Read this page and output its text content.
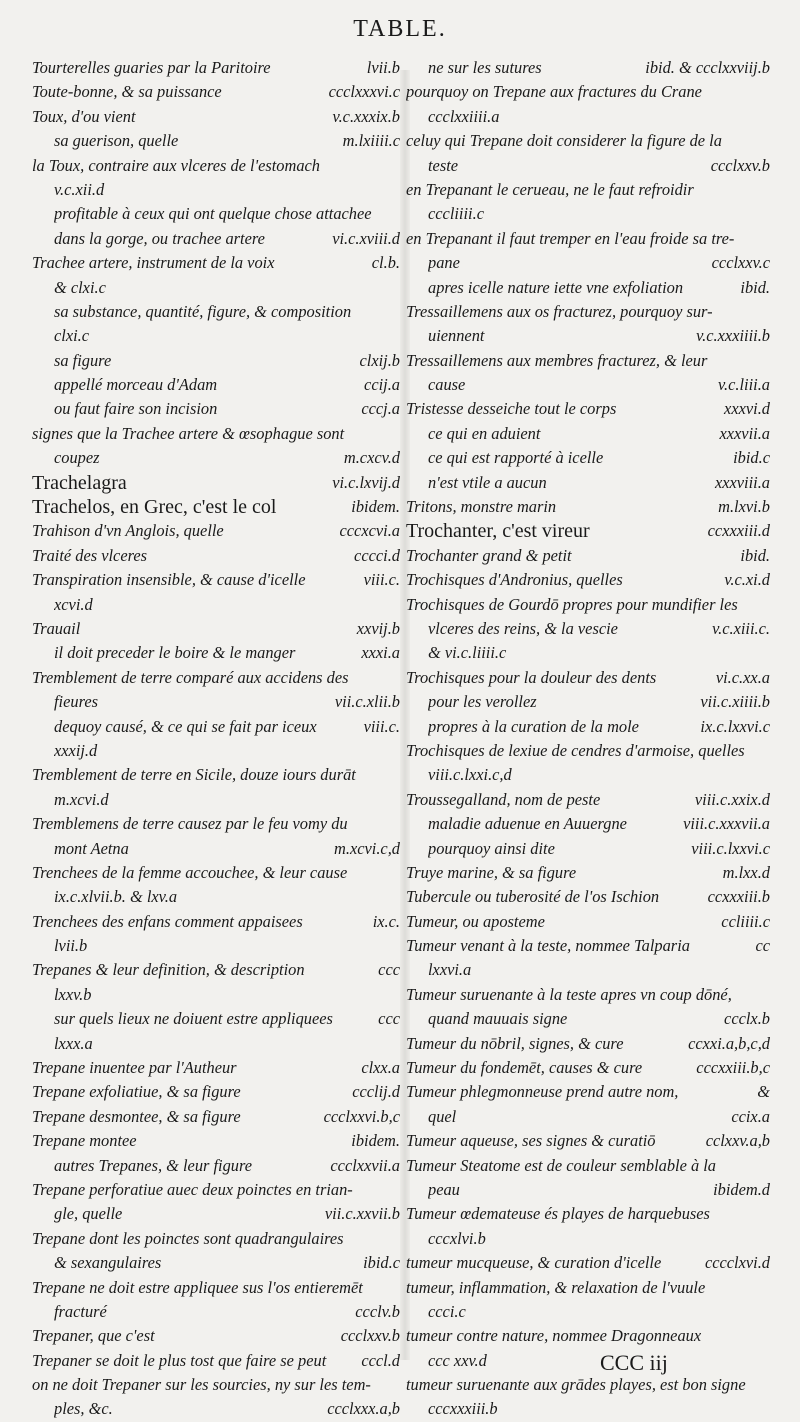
TABLE.
Tourterelles guaries par la Paritoire	lvii.b
Toute-bonne, & sa puissance	ccclxxxvi.c
Toux, d'ou vient	v.c.xxxix.b
sa guerison, quelle	m.lxiiii.c
la Toux, contraire aux vlceres de l'estomach
v.c.xii.d
profitable à ceux qui ont quelque chose attachee
dans la gorge, ou trachee artere	vi.c.xviii.d
Trachee artere, instrument de la voix	cl.b.
& clxi.c
sa substance, quantité, figure, & composition
clxi.c
sa figure	clxij.b
appellé morceau d'Adam	ccij.a
ou faut faire son incision	cccj.a
signes que la Trachee artere & œsophague sont
coupez	m.cxcv.d
Trachelagra	vi.c.lxvij.d
Trachelos, en Grec, c'est le col	ibidem.
Trahison d'vn Anglois, quelle	cccxcvi.a
Traité des vlceres	cccci.d
Transpiration insensible, & cause d'icelle	viii.c.
xcvi.d
Trauail	xxvij.b
il doit preceder le boire & le manger	xxxi.a
Tremblement de terre comparé aux accidens des
fieures	vii.c.xlii.b
dequoy causé, & ce qui se fait par iceux	viii.c.
xxxij.d
Tremblement de terre en Sicile, douze iours durāt
m.xcvi.d
Tremblemens de terre causez par le feu vomy du
mont Aetna	m.xcvi.c,d
Trenchees de la femme accouchee, & leur cause
ix.c.xlvii.b. & lxv.a
Trenchees des enfans comment appaisees	ix.c.
lvii.b
Trepanes & leur definition, & description	ccc
lxxv.b
sur quels lieux ne doiuent estre appliquees	ccc
lxxx.a
Trepane inuentee par l'Autheur	clxx.a
Trepane exfoliatiue, & sa figure	ccclij.d
Trepane desmontee, & sa figure	ccclxxvi.b,c
Trepane montee	ibidem.
autres Trepanes, & leur figure	ccclxxvii.a
Trepane perforatiue auec deux poinctes en trian-
gle, quelle	vii.c.xxvii.b
Trepane dont les poinctes sont quadrangulaires
& sexangulaires	ibid.c
Trepane ne doit estre appliquee sus l'os entieremēt
fracturé	ccclv.b
Trepaner, que c'est	ccclxxv.b
Trepaner se doit le plus tost que faire se peut	cccl.d
on ne doit Trepaner sur les sourcies, ny sur les tem-
ples, &c.	ccclxxx.a,b
ne sur les sutures	ibid. & ccclxxviij.b
pourquoy on Trepane aux fractures du Crane
ccclxxiiii.a
celuy qui Trepane doit considerer la figure de la
teste	ccclxxv.b
en Trepanant le cerueau, ne le faut refroidir
cccliiii.c
en Trepanant il faut tremper en l'eau froide sa tre-
pane	ccclxxv.c
apres icelle nature iette vne exfoliation	ibid.
Tressaillemens aux os fracturez, pourquoy sur-
uiennent	v.c.xxxiiii.b
Tressaillemens aux membres fracturez, & leur
cause	v.c.liii.a
Tristesse desseiche tout le corps	xxxvi.d
ce qui en aduient	xxxvii.a
ce qui est rapporté à icelle	ibid.c
n'est vtile a aucun	xxxviii.a
Tritons, monstre marin	m.lxvi.b
Trochanter, c'est vireur	ccxxxiii.d
Trochanter grand & petit	ibid.
Trochisques d'Andronius, quelles	v.c.xi.d
Trochisques de Gourdō propres pour mundifier les
vlceres des reins, & la vescie	v.c.xiii.c.
& vi.c.liiii.c
Trochisques pour la douleur des dents	vi.c.xx.a
pour les verollez	vii.c.xiiii.b
propres à la curation de la mole	ix.c.lxxvi.c
Trochisques de lexiue de cendres d'armoise, quelles
viii.c.lxxi.c,d
Troussegalland, nom de peste	viii.c.xxix.d
maladie aduenue en Auuergne	viii.c.xxxvii.a
pourquoy ainsi dite	viii.c.lxxvi.c
Truye marine, & sa figure	m.lxx.d
Tubercule ou tuberosité de l'os Ischion	ccxxxiii.b
Tumeur, ou aposteme	ccliiii.c
Tumeur venant à la teste, nommee Talparia	cc
lxxvi.a
Tumeur suruenante à la teste apres vn coup dōné,
quand mauuais signe	ccclx.b
Tumeur du nōbril, signes, & cure	ccxxi.a,b,c,d
Tumeur du fondemēt, causes & cure	cccxxiii.b,c
Tumeur phlegmonneuse prend autre nom,	&
quel	ccix.a
Tumeur aqueuse, ses signes & curatiō	cclxxv.a,b
Tumeur Steatome est de couleur semblable à la
peau	ibidem.d
Tumeur œdemateuse és playes de harquebuses
cccxlvi.b
tumeur mucqueuse, & curation d'icelle	cccclxvi.d
tumeur, inflammation, & relaxation de l'vuule
ccci.c
tumeur contre nature, nommee Dragonneaux
ccc xxv.d
tumeur suruenante aux grādes playes, est bon signe
cccxxxiii.b
CCC iij
